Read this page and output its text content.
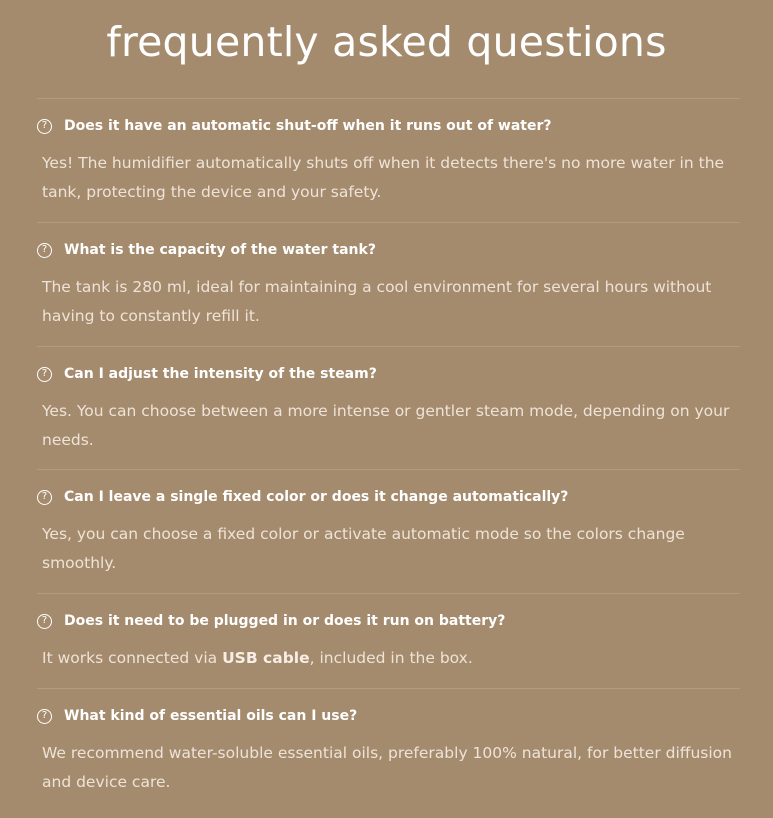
frequently asked questions
?	Does it have an automatic shut-off when it runs out of water?

Yes! The humidifier automatically shuts off when it detects there's no more water in the tank, protecting the device and your safety.

?	What is the capacity of the water tank?

The tank is 280 ml, ideal for maintaining a cool environment for several hours without having to constantly refill it.

?	Can I adjust the intensity of the steam?

Yes. You can choose between a more intense or gentler steam mode, depending on your needs.

?	Can I leave a single fixed color or does it change automatically?

Yes, you can choose a fixed color or activate automatic mode so the colors change smoothly.

?	Does it need to be plugged in or does it run on battery?

It works connected via USB cable, included in the box.

?	What kind of essential oils can I use?

We recommend water-soluble essential oils, preferably 100% natural, for better diffusion and device care.
